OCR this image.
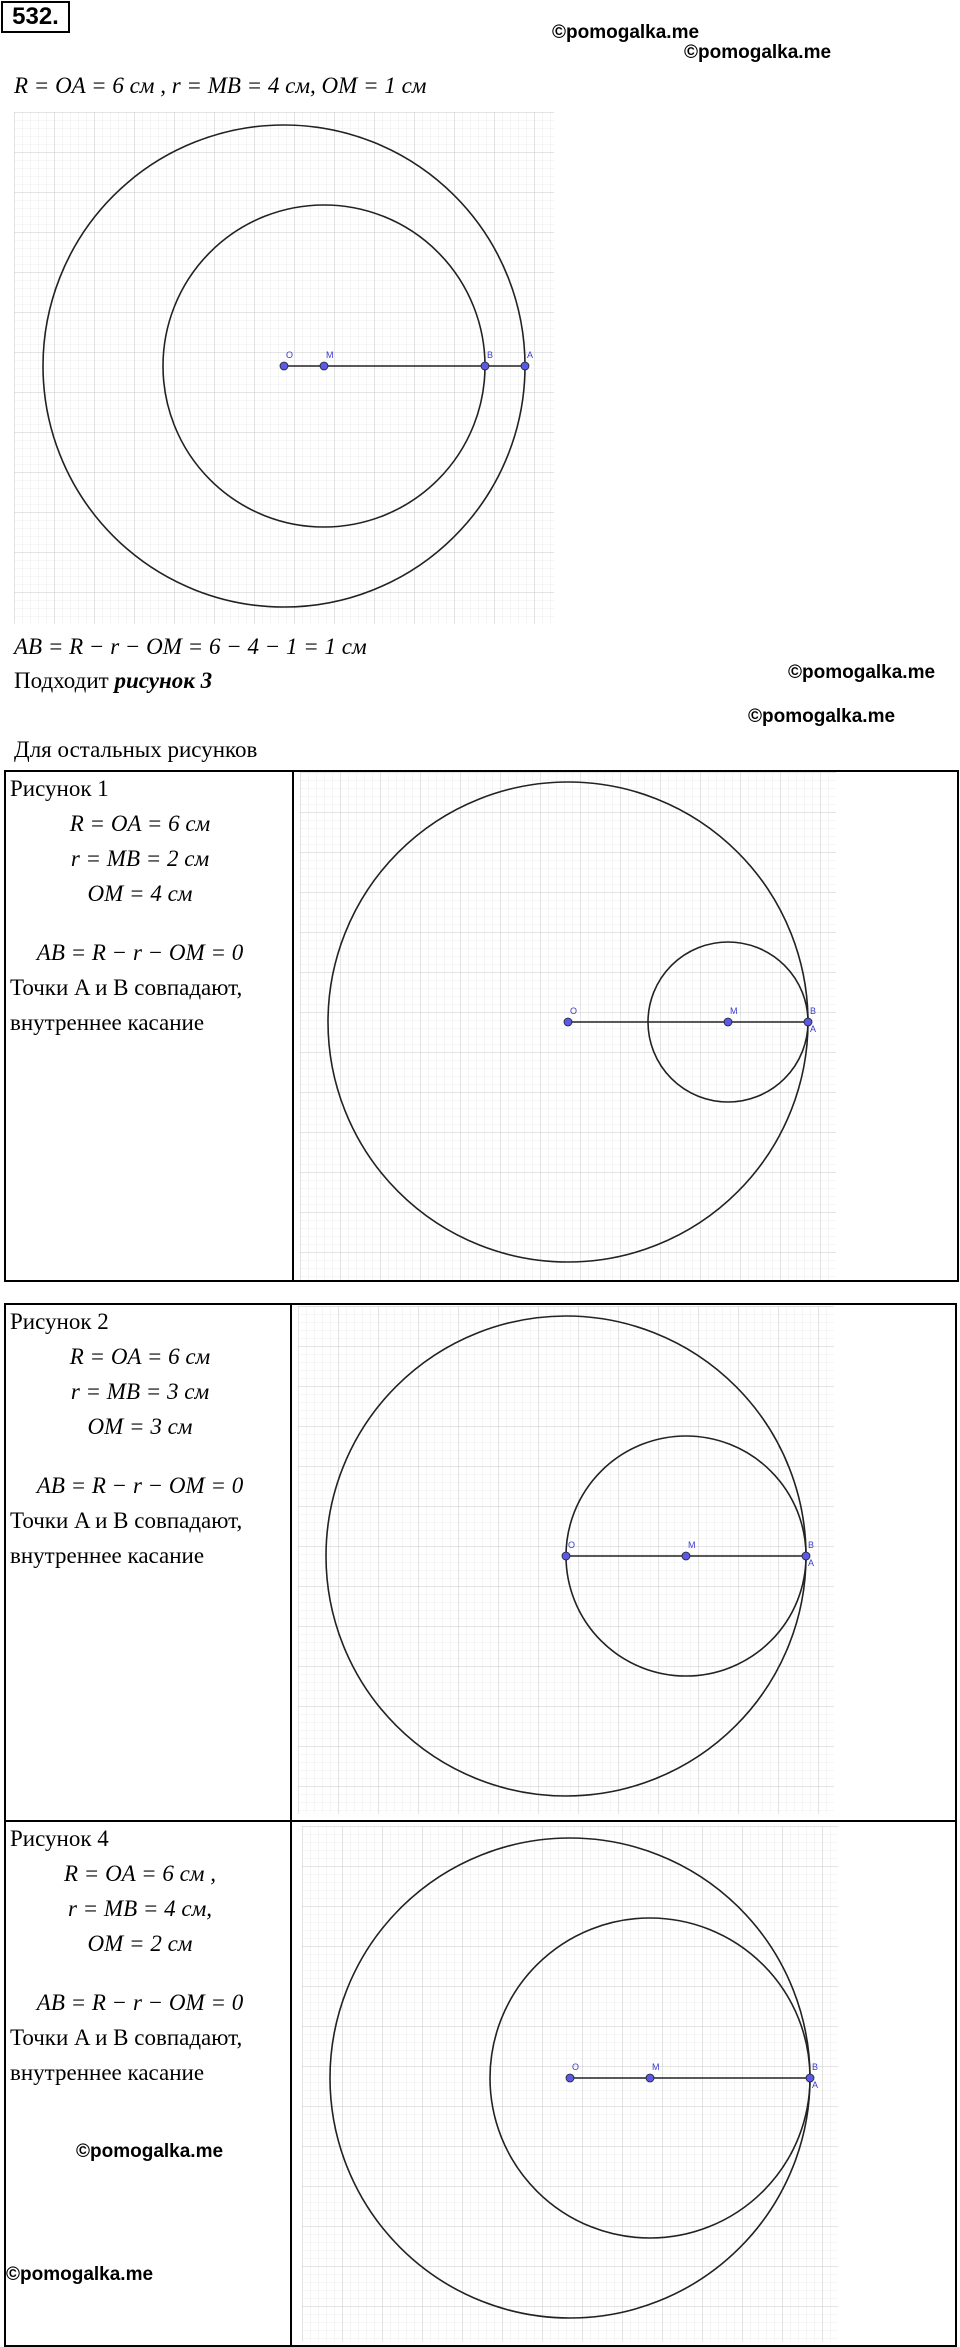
532.
©pomogalka.me
©pomogalka.me
R = OA = 6 см , r = MB = 4 см, OM = 1 см
O	M	B	A
AB = R − r − OM = 6 − 4 − 1 = 1 см
©pomogalka.me
Подходит рисунок 3
©pomogalka.me
Для остальных рисунков
Рисунок 1
R = OA = 6 см
r = MB = 2 см
OM = 4 см
AB = R − r − OM = 0
Точки A и B совпадают,
внутреннее касание	O	M	B
A
Рисунок 2
R = OA = 6 см
r = MB = 3 см
OM = 3 см
AB = R − r − OM = 0
Точки A и B совпадают,
внутреннее касание	O	M	B
A
Рисунок 4
R = OA = 6 см ,
r = MB = 4 см,
OM = 2 см
AB = R − r − OM = 0
Точки A и B совпадают,
внутреннее касание	O	M	B
A
©pomogalka.me
©pomogalka.me
